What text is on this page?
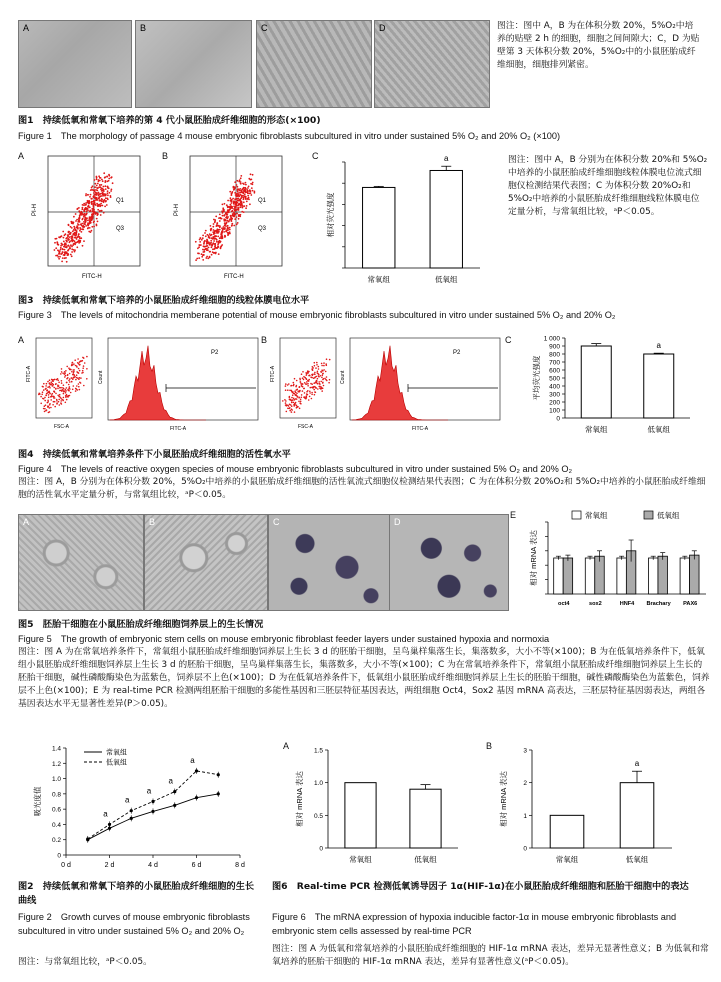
A	B	C	D	图注：图中 A，B 为在体积分数 20%，5%O₂中培养的贴壁 2 h 的细胞，细胞之间间隙大；C，D 为贴壁第 3 天体积分数 20%，5%O₂中的小鼠胚胎成纤维细胞，细胞排列紧密。
图1　持续低氧和常氧下培养的第 4 代小鼠胚胎成纤维细胞的形态(×100)
Figure 1　The morphology of passage 4 mouse embryonic fibroblasts subcultured in vitro under sustained 5% O₂ and 20% O₂ (×100)
A
Q1
Q3
PI-H
FITC-H
B
Q1
Q3
PI-H
FITC-H
C
相对荧光强度
常氧组
a
低氧组
图注：图中 A，B 分别为在体积分数 20%和 5%O₂中培养的小鼠胚胎成纤维细胞线粒体膜电位流式细胞仪检测结果代表图；C 为体积分数 20%O₂和 5%O₂中培养的小鼠胚胎成纤维细胞线粒体膜电位定量分析，与常氧组比较，ᵃP＜0.05。
图3　持续低氧和常氧下培养的小鼠胚胎成纤维细胞的线粒体膜电位水平
Figure 3　The levels of mitochondria memberane potential of mouse embryonic fibroblasts subcultured in vitro under sustained 5% O₂ and 20% O₂
A
FITC-A
FSC-A
P2
Count
FITC-A
B
FITC-A
FSC-A
P2
Count
FITC-A
C
0
100
200
300
400
500
600
700
800
900
1 000
平均荧光强度
常氧组
a
低氧组
图4　持续低氧和常氧培养条件下小鼠胚胎成纤维细胞的活性氧水平
Figure 4　The levels of reactive oxygen species of mouse embryonic fibroblasts subcultured in vitro under sustained 5% O₂ and 20% O₂
图注：图 A，B 分别为在体积分数 20%，5%O₂中培养的小鼠胚胎成纤维细胞的活性氧流式细胞仪检测结果代表图；C 为在体积分数 20%O₂和 5%O₂中培养的小鼠胚胎成纤维细胞的活性氧水平定量分析，与常氧组比较，ᵃP＜0.05。
A	B	C	D
E
相对 mRNA 表达
oct4	sox2	HNF4 Brachary PAX6
常氧组	低氧组
图5　胚胎干细胞在小鼠胚胎成纤维细胞饲养层上的生长情况
Figure 5　The growth of embryonic stem cells on mouse embryonic fibroblast feeder layers under sustained hypoxia and normoxia
图注：图 A 为在常氧培养条件下，常氧组小鼠胚胎成纤维细胞饲养层上生长 3 d 的胚胎干细胞，呈鸟巢样集落生长，集落数多，大小不等(×100)；B 为在低氧培养条件下，低氧组小鼠胚胎成纤维细胞饲养层上生长 3 d 的胚胎干细胞，呈鸟巢样集落生长，集落数多，大小不等(×100)；C 为在常氧培养条件下，常氧组小鼠胚胎成纤维细胞饲养层上生长的胚胎干细胞，碱性磷酸酶染色为蓝紫色，饲养层不上色(×100)；D 为在低氧培养条件下，低氧组小鼠胚胎成纤维细胞饲养层上生长的胚胎干细胞，碱性磷酸酶染色为蓝紫色，饲养层不上色(×100)；E 为 real-time PCR 检测两组胚胎干细胞的多能性基因和三胚层特征基因表达，两组细胞 Oct4，Sox2 基因 mRNA 高表达，三胚层特征基因弱表达，两组各基因表达水平无显著性差异(P＞0.05)。
0
0.2
0.4
0.6
0.8
1.0
1.2
1.4
吸光度值
0 d	2 d	4 d	6 d	8 d
常氧组
低氧组
a
a
a
a
a
图2　持续低氧和常氧下培养的小鼠胚胎成纤维细胞的生长曲线
Figure 2　Growth curves of mouse embryonic fibroblasts subcultured in vitro under sustained 5% O₂ and 20% O₂
图注：与常氧组比较，ᵃP＜0.05。
A
0
0.5
1.0
1.5
相对 mRNA 表达
常氧组	低氧组
B
0
1
2
3
相对 mRNA 表达
常氧组
a
低氧组
图6　Real-time PCR 检测低氧诱导因子 1α(HIF-1α)在小鼠胚胎成纤维细胞和胚胎干细胞中的表达
Figure 6　The mRNA expression of hypoxia inducible factor-1α in mouse embryonic fibroblasts and embryonic stem cells assessed by real-time PCR
图注：图 A 为低氧和常氧培养的小鼠胚胎成纤维细胞的 HIF-1α mRNA 表达，差异无显著性意义；B 为低氧和常氧培养的胚胎干细胞的 HIF-1α mRNA 表达，差异有显著性意义(ᵃP＜0.05)。
